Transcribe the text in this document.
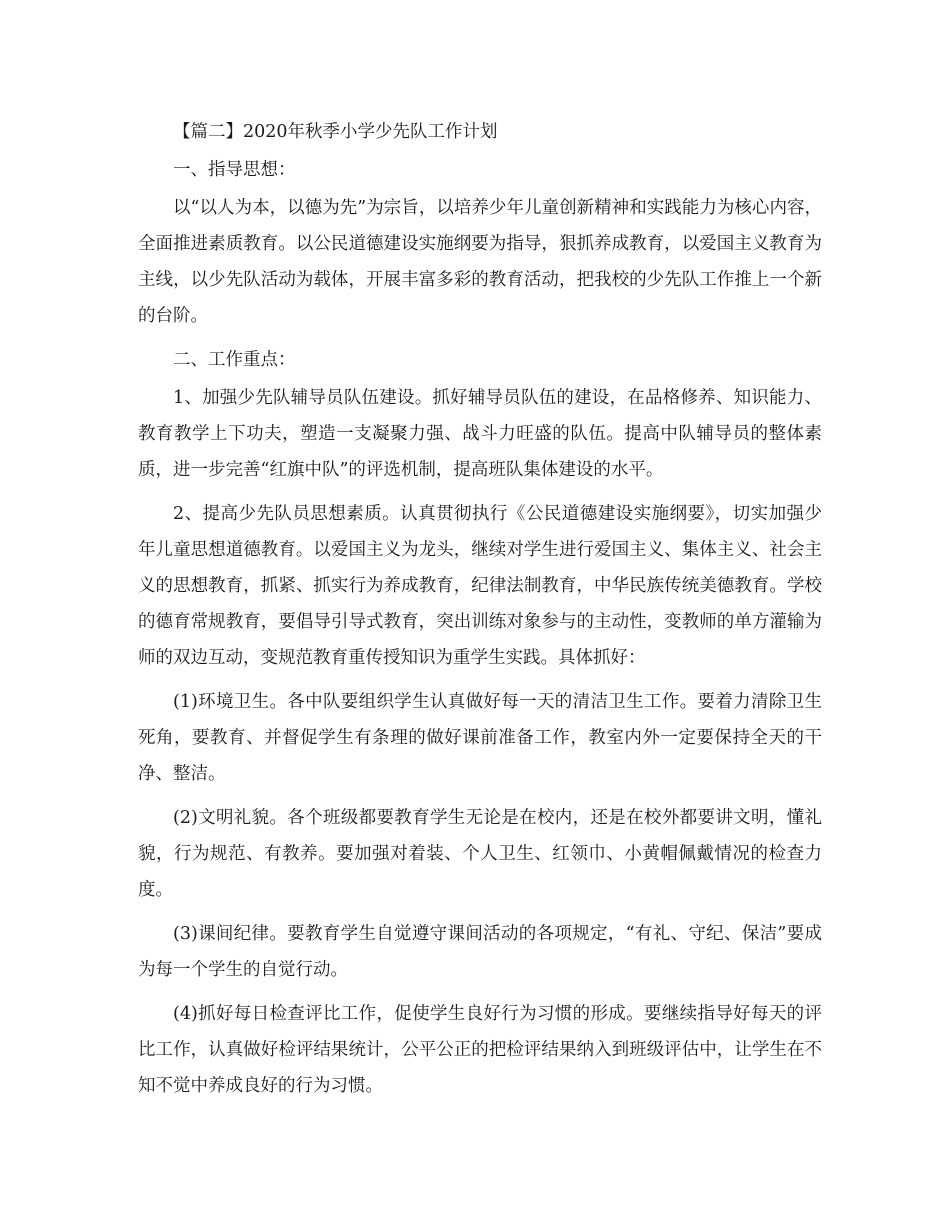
【篇二】2020年秋季小学少先队工作计划

一、指导思想：

以“以人为本，以德为先”为宗旨，以培养少年儿童创新精神和实践能力为核心内容，全面推进素质教育。以公民道德建设实施纲要为指导，狠抓养成教育，以爱国主义教育为主线，以少先队活动为载体，开展丰富多彩的教育活动，把我校的少先队工作推上一个新的台阶。

二、工作重点：

1、加强少先队辅导员队伍建设。抓好辅导员队伍的建设，在品格修养、知识能力、教育教学上下功夫，塑造一支凝聚力强、战斗力旺盛的队伍。提高中队辅导员的整体素质，进一步完善“红旗中队”的评选机制，提高班队集体建设的水平。

2、提高少先队员思想素质。认真贯彻执行《公民道德建设实施纲要》，切实加强少年儿童思想道德教育。以爱国主义为龙头，继续对学生进行爱国主义、集体主义、社会主义的思想教育，抓紧、抓实行为养成教育，纪律法制教育，中华民族传统美德教育。学校的德育常规教育，要倡导引导式教育，突出训练对象参与的主动性，变教师的单方灌输为师的双边互动，变规范教育重传授知识为重学生实践。具体抓好：

(1)环境卫生。各中队要组织学生认真做好每一天的清洁卫生工作。要着力清除卫生死角，要教育、并督促学生有条理的做好课前准备工作，教室内外一定要保持全天的干净、整洁。

(2)文明礼貌。各个班级都要教育学生无论是在校内，还是在校外都要讲文明，懂礼貌，行为规范、有教养。要加强对着装、个人卫生、红领巾、小黄帽佩戴情况的检查力度。

(3)课间纪律。要教育学生自觉遵守课间活动的各项规定，“有礼、守纪、保洁”要成为每一个学生的自觉行动。

(4)抓好每日检查评比工作，促使学生良好行为习惯的形成。要继续指导好每天的评比工作，认真做好检评结果统计，公平公正的把检评结果纳入到班级评估中，让学生在不知不觉中养成良好的行为习惯。
